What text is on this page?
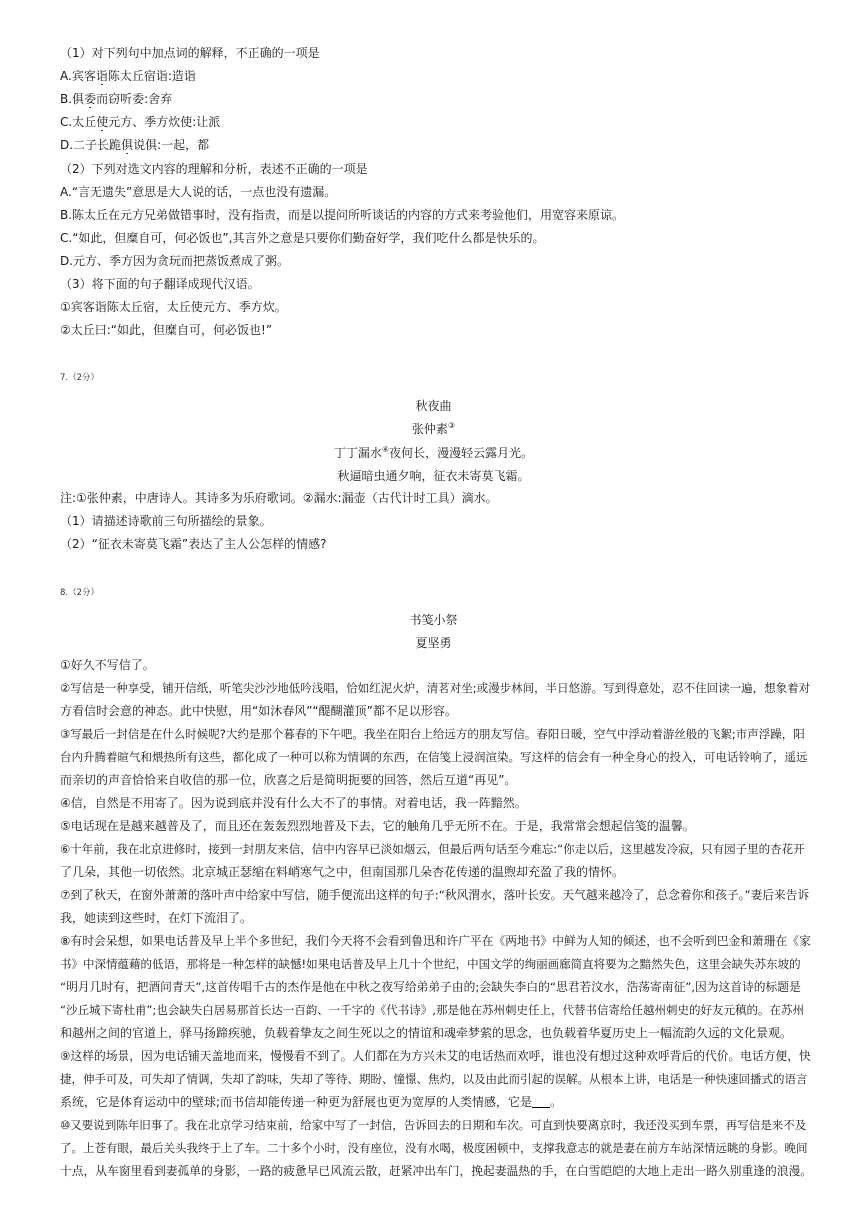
（1）对下列句中加点词的解释，不正确的一项是
A.宾客诣陈太丘宿诣:造诣
B.俱委而窃听委:舍弃
C.太丘使元方、季方炊使:让派
D.二子长跪俱说俱:一起，都
（2）下列对选文内容的理解和分析，表述不正确的一项是
A.“言无遗失”意思是大人说的话，一点也没有遗漏。
B.陈太丘在元方兄弟做错事时，没有指责，而是以提问所听谈话的内容的方式来考验他们，用宽容来原谅。
C.“如此，但糜自可，何必饭也”,其言外之意是只要你们勤奋好学，我们吃什么都是快乐的。
D.元方、季方因为贪玩而把蒸饭煮成了粥。
（3）将下面的句子翻译成现代汉语。
①宾客诣陈太丘宿，太丘使元方、季方炊。
②太丘曰:“如此，但糜自可，何必饭也!”
7.（2分）
秋夜曲
张仲素③
丁丁漏水④夜何长，漫漫轻云露月光。
秋逼暗虫通夕响，征衣未寄莫飞霜。
注:①张仲素，中唐诗人。其诗多为乐府歌词。②漏水:漏壶（古代计时工具）滴水。
（1）请描述诗歌前三句所描绘的景象。
（2）“征衣未寄莫飞霜”表达了主人公怎样的情感?
8.（2分）
书笺小祭
夏坚勇
①好久不写信了。
②写信是一种享受，铺开信纸，听笔尖沙沙地低吟浅唱，恰如红泥火炉，清茗对坐;或漫步林间，半日悠游。写到得意处，忍不住回读一遍，想象着对
方看信时会意的神态。此中快慰，用“如沐春风”“醍醐灌顶”都不足以形容。
③写最后一封信是在什么时候呢?大约是那个暮春的下午吧。我坐在阳台上给远方的朋友写信。春阳日暖，空气中浮动着游丝般的飞絮;市声浮躁，阳
台内升腾着暄气和煨热所有这些，都化成了一种可以称为情调的东西，在信笺上浸润渲染。写这样的信会有一种全身心的投入，可电话铃响了，遥远
而亲切的声音恰恰来自收信的那一位，欣喜之后是简明扼要的回答，然后互道“再见”。
④信，自然是不用寄了。因为说到底并没有什么大不了的事情。对着电话，我一阵黯然。
⑤电话现在是越来越普及了，而且还在轰轰烈烈地普及下去，它的触角几乎无所不在。于是，我常常会想起信笺的温馨。
⑥十年前，我在北京进修时，接到一封朋友来信，信中内容早已淡如烟云，但最后两句话至今难忘:“你走以后，这里越发冷寂，只有园子里的杏花开
了几朵，其他一切依然。北京城正瑟缩在料峭寒气之中，但南国那几朵杏花传递的温煦却充盈了我的情怀。
⑦到了秋天，在窗外萧萧的落叶声中给家中写信，随手便流出这样的句子:“秋风渭水，落叶长安。天气越来越冷了，总念着你和孩子。”妻后来告诉
我，她读到这些时，在灯下流泪了。
⑧有时会呆想，如果电话普及早上半个多世纪，我们今天将不会看到鲁迅和许广平在《两地书》中鲜为人知的倾述，也不会听到巴金和萧珊在《家
书》中深情蕴藉的低语，那将是一种怎样的缺憾!如果电话普及早上几十个世纪，中国文学的绚丽画廊简直将要为之黯然失色，这里会缺失苏东坡的
“明月几时有，把酒问青天”,这首传唱千古的杰作是他在中秋之夜写给弟弟子由的;会缺失李白的“思君若汶水，浩荡寄南征”,因为这首诗的标题是
“沙丘城下寄杜甫”;也会缺失白居易那首长达一百韵、一千字的《代书诗》,那是他在苏州刺史任上，代替书信寄给任越州刺史的好友元稹的。在苏州
和越州之间的官道上，驿马扬蹄疾驰，负载着挚友之间生死以之的情谊和魂牵梦萦的思念，也负载着华夏历史上一幅流韵久远的文化景观。
⑨这样的场景，因为电话铺天盖地而来，慢慢看不到了。人们都在为方兴未艾的电话热而欢呼，谁也没有想过这种欢呼背后的代价。电话方便，快
捷，伸手可及，可失却了情调，失却了韵味，失却了等待、期盼、憧憬、焦灼，以及由此而引起的误解。从根本上讲，电话是一种快速回播式的语言
系统，它是体育运动中的壁球;而书信却能传递一种更为舒展也更为宽厚的人类情感，它是 。
⑩又要说到陈年旧事了。我在北京学习结束前，给家中写了一封信，告诉回去的日期和车次。可直到快要离京时，我还没买到车票，再写信是来不及
了。上苍有眼，最后关头我终于上了车。二十多个小时，没有座位，没有水喝，极度困顿中，支撑我意志的就是妻在前方车站深情远眺的身影。晚间
十点，从车窗里看到妻孤单的身影，一路的疲惫早已风流云散，赶紧冲出车门，挽起妻温热的手，在白雪皑皑的大地上走出一路久别重逢的浪漫。
